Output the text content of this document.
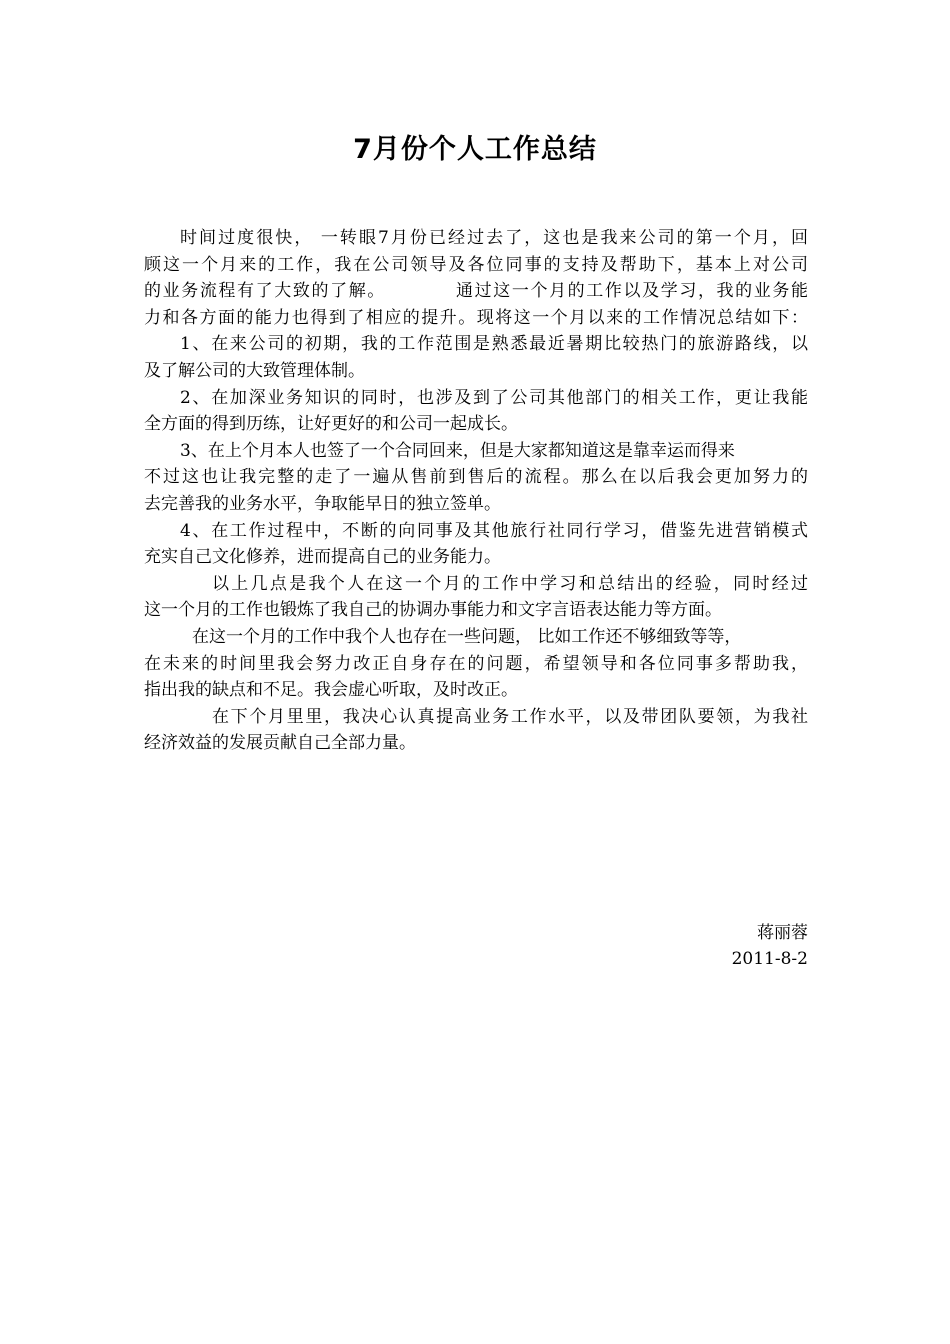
7月份个人工作总结
时间过度很快， 一转眼7月份已经过去了，这也是我来公司的第一个月，回
顾这一个月来的工作，我在公司领导及各位同事的支持及帮助下，基本上对公司
的业务流程有了大致的了解。          通过这一个月的工作以及学习，我的业务能
力和各方面的能力也得到了相应的提升。现将这一个月以来的工作情况总结如下：
1、在来公司的初期，我的工作范围是熟悉最近暑期比较热门的旅游路线，以
及了解公司的大致管理体制。
2、在加深业务知识的同时，也涉及到了公司其他部门的相关工作，更让我能
全方面的得到历练，让好更好的和公司一起成长。
3、在上个月本人也签了一个合同回来，但是大家都知道这是靠幸运而得来
不过这也让我完整的走了一遍从售前到售后的流程。那么在以后我会更加努力的
去完善我的业务水平，争取能早日的独立签单。
4、在工作过程中，不断的向同事及其他旅行社同行学习，借鉴先进营销模式
充实自己文化修养，进而提高自己的业务能力。
以上几点是我个人在这一个月的工作中学习和总结出的经验，同时经过
这一个月的工作也锻炼了我自己的协调办事能力和文字言语表达能力等方面。
在这一个月的工作中我个人也存在一些问题， 比如工作还不够细致等等，
在未来的时间里我会努力改正自身存在的问题，希望领导和各位同事多帮助我，
指出我的缺点和不足。我会虚心听取，及时改正。
在下个月里里，我决心认真提高业务工作水平，以及带团队要领，为我社
经济效益的发展贡献自己全部力量。
蒋丽蓉
2011-8-2
